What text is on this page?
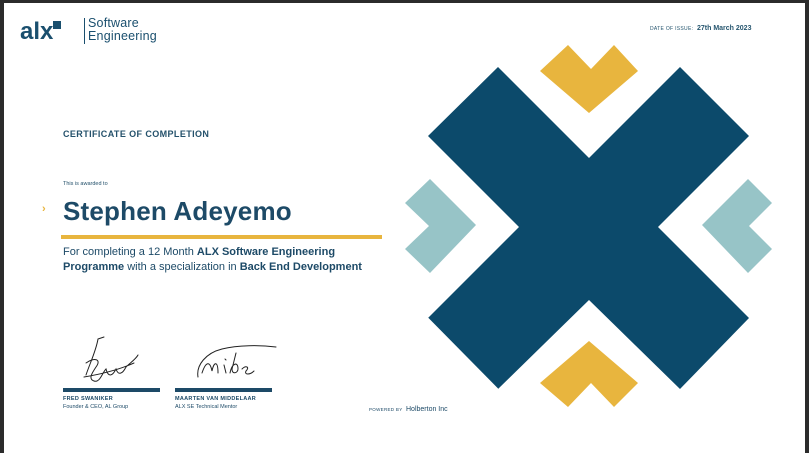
alx	Software
Engineering	DATE OF ISSUE: 27th March 2023
CERTIFICATE OF COMPLETION
This is awarded to
› Stephen Adeyemo
For completing a 12 Month ALX Software Engineering Programme with a specialization in Back End Development
FRED SWANIKER
Founder & CEO, AL Group
MAARTEN VAN MIDDELAAR
ALX SE Technical Mentor	POWERED BY Holberton Inc
